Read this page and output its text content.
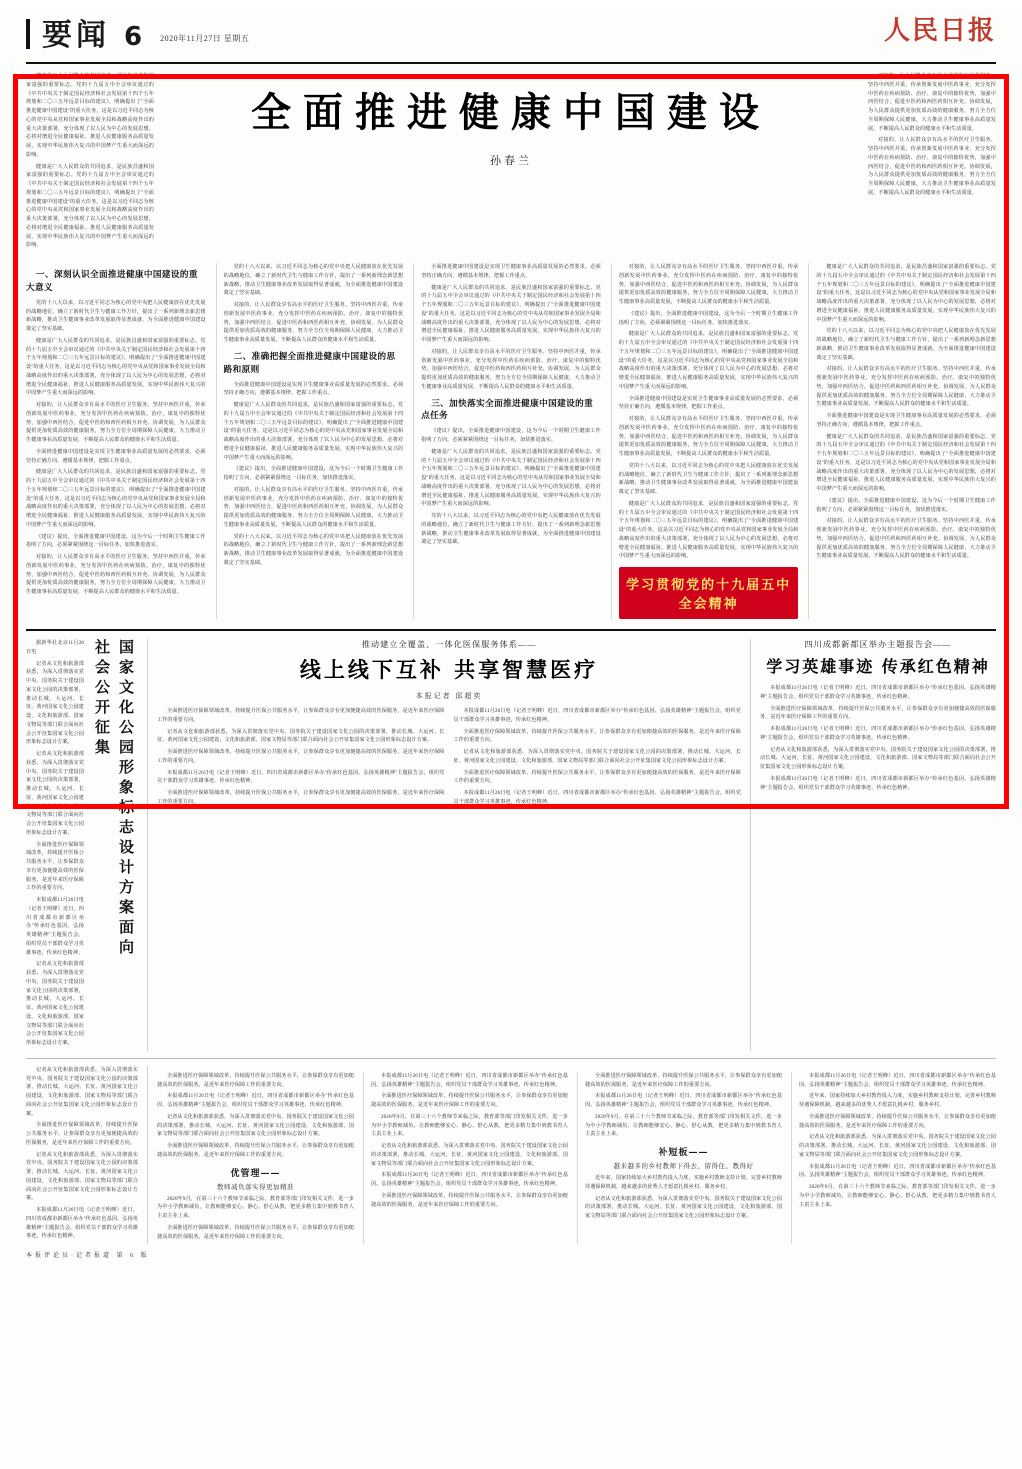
要闻 6 2020年11月27日 星期五	人民日报

健康是广大人民群众的共同追求，是民族昌盛和国家富强的重要标志。党的十九届五中全会审议通过的《中共中央关于制定国民经济和社会发展第十四个五年规划和二〇三五年远景目标的建议》，明确提出了"全面推进健康中国建设"的重大任务，这是以习近平同志为核心的党中央从党和国家事业发展全局和战略高度作出的重大决策部署，充分体现了以人民为中心的发展思想，必将对增进全民健康福祉、推进人民健康服务高质量发展，实现中华民族伟大复兴的中国梦产生重大而深远的影响。

健康是广大人民群众的共同追求，是民族昌盛和国家富强的重要标志。党的十九届五中全会审议通过的《中共中央关于制定国民经济和社会发展第十四个五年规划和二〇三五年远景目标的建议》，明确提出了"全面推进健康中国建设"的重大任务，这是以习近平同志为核心的党中央从党和国家事业发展全局和战略高度作出的重大决策部署，充分体现了以人民为中心的发展思想，必将对增进全民健康福祉、推进人民健康服务高质量发展，实现中华民族伟大复兴的中国梦产生重大而深远的影响。

全面推进健康中国建设
孙春兰

对接的，让人民群众享有高水平的医疗卫生服务。坚持中西医并重，传承创新发展中医药事业，充分发挥中医药在疾病预防、治疗、康复中的独特优势，加强中西医结合，促进中医药和西医药相互补充、协调发展，为人民群众提供更加优质高效的健康服务，努力全方位全周期保障人民健康，大力推动卫生健康事业高质量发展，不断提高人民群众的健康水平和生活质量。

对接的，让人民群众享有高水平的医疗卫生服务。坚持中西医并重，传承创新发展中医药事业，充分发挥中医药在疾病预防、治疗、康复中的独特优势，加强中西医结合，促进中医药和西医药相互补充、协调发展，为人民群众提供更加优质高效的健康服务，努力全方位全周期保障人民健康，大力推动卫生健康事业高质量发展，不断提高人民群众的健康水平和生活质量。

一、深刻认识全面推进健康中国建设的重大意义

党的十八大以来，以习近平同志为核心的党中央把人民健康放在优先发展的战略地位，确立了新时代卫生与健康工作方针，提出了一系列新理念新思想新战略，推动卫生健康事业改革发展取得显著成就，为全面推进健康中国建设奠定了坚实基础。

健康是广大人民群众的共同追求，是民族昌盛和国家富强的重要标志。党的十九届五中全会审议通过的《中共中央关于制定国民经济和社会发展第十四个五年规划和二〇三五年远景目标的建议》，明确提出了"全面推进健康中国建设"的重大任务，这是以习近平同志为核心的党中央从党和国家事业发展全局和战略高度作出的重大决策部署，充分体现了以人民为中心的发展思想，必将对增进全民健康福祉、推进人民健康服务高质量发展，实现中华民族伟大复兴的中国梦产生重大而深远的影响。

对接的，让人民群众享有高水平的医疗卫生服务。坚持中西医并重，传承创新发展中医药事业，充分发挥中医药在疾病预防、治疗、康复中的独特优势，加强中西医结合，促进中医药和西医药相互补充、协调发展，为人民群众提供更加优质高效的健康服务，努力全方位全周期保障人民健康，大力推动卫生健康事业高质量发展，不断提高人民群众的健康水平和生活质量。

全面推进健康中国建设是实现卫生健康事业高质量发展的必然要求，必须坚持正确方向，遵循基本规律，把握工作重点。

健康是广大人民群众的共同追求，是民族昌盛和国家富强的重要标志。党的十九届五中全会审议通过的《中共中央关于制定国民经济和社会发展第十四个五年规划和二〇三五年远景目标的建议》，明确提出了"全面推进健康中国建设"的重大任务，这是以习近平同志为核心的党中央从党和国家事业发展全局和战略高度作出的重大决策部署，充分体现了以人民为中心的发展思想，必将对增进全民健康福祉、推进人民健康服务高质量发展，实现中华民族伟大复兴的中国梦产生重大而深远的影响。

《建议》提出，全面推进健康中国建设，这为今后一个时期卫生健康工作指明了方向，必须紧紧围绕这一目标任务，加快推进落实。

对接的，让人民群众享有高水平的医疗卫生服务。坚持中西医并重，传承创新发展中医药事业，充分发挥中医药在疾病预防、治疗、康复中的独特优势，加强中西医结合，促进中医药和西医药相互补充、协调发展，为人民群众提供更加优质高效的健康服务，努力全方位全周期保障人民健康，大力推动卫生健康事业高质量发展，不断提高人民群众的健康水平和生活质量。

党的十八大以来，以习近平同志为核心的党中央把人民健康放在优先发展的战略地位，确立了新时代卫生与健康工作方针，提出了一系列新理念新思想新战略，推动卫生健康事业改革发展取得显著成就，为全面推进健康中国建设奠定了坚实基础。

对接的，让人民群众享有高水平的医疗卫生服务。坚持中西医并重，传承创新发展中医药事业，充分发挥中医药在疾病预防、治疗、康复中的独特优势，加强中西医结合，促进中医药和西医药相互补充、协调发展，为人民群众提供更加优质高效的健康服务，努力全方位全周期保障人民健康，大力推动卫生健康事业高质量发展，不断提高人民群众的健康水平和生活质量。

二、准确把握全面推进健康中国建设的思路和原则

全面推进健康中国建设是实现卫生健康事业高质量发展的必然要求，必须坚持正确方向，遵循基本规律，把握工作重点。

健康是广大人民群众的共同追求，是民族昌盛和国家富强的重要标志。党的十九届五中全会审议通过的《中共中央关于制定国民经济和社会发展第十四个五年规划和二〇三五年远景目标的建议》，明确提出了"全面推进健康中国建设"的重大任务，这是以习近平同志为核心的党中央从党和国家事业发展全局和战略高度作出的重大决策部署，充分体现了以人民为中心的发展思想，必将对增进全民健康福祉、推进人民健康服务高质量发展，实现中华民族伟大复兴的中国梦产生重大而深远的影响。

《建议》提出，全面推进健康中国建设，这为今后一个时期卫生健康工作指明了方向，必须紧紧围绕这一目标任务，加快推进落实。

对接的，让人民群众享有高水平的医疗卫生服务。坚持中西医并重，传承创新发展中医药事业，充分发挥中医药在疾病预防、治疗、康复中的独特优势，加强中西医结合，促进中医药和西医药相互补充、协调发展，为人民群众提供更加优质高效的健康服务，努力全方位全周期保障人民健康，大力推动卫生健康事业高质量发展，不断提高人民群众的健康水平和生活质量。

党的十八大以来，以习近平同志为核心的党中央把人民健康放在优先发展的战略地位，确立了新时代卫生与健康工作方针，提出了一系列新理念新思想新战略，推动卫生健康事业改革发展取得显著成就，为全面推进健康中国建设奠定了坚实基础。

全面推进健康中国建设是实现卫生健康事业高质量发展的必然要求，必须坚持正确方向，遵循基本规律，把握工作重点。

健康是广大人民群众的共同追求，是民族昌盛和国家富强的重要标志。党的十九届五中全会审议通过的《中共中央关于制定国民经济和社会发展第十四个五年规划和二〇三五年远景目标的建议》，明确提出了"全面推进健康中国建设"的重大任务，这是以习近平同志为核心的党中央从党和国家事业发展全局和战略高度作出的重大决策部署，充分体现了以人民为中心的发展思想，必将对增进全民健康福祉、推进人民健康服务高质量发展，实现中华民族伟大复兴的中国梦产生重大而深远的影响。

对接的，让人民群众享有高水平的医疗卫生服务。坚持中西医并重，传承创新发展中医药事业，充分发挥中医药在疾病预防、治疗、康复中的独特优势，加强中西医结合，促进中医药和西医药相互补充、协调发展，为人民群众提供更加优质高效的健康服务，努力全方位全周期保障人民健康，大力推动卫生健康事业高质量发展，不断提高人民群众的健康水平和生活质量。

三、加快落实全面推进健康中国建设的重点任务

《建议》提出，全面推进健康中国建设，这为今后一个时期卫生健康工作指明了方向，必须紧紧围绕这一目标任务，加快推进落实。

健康是广大人民群众的共同追求，是民族昌盛和国家富强的重要标志。党的十九届五中全会审议通过的《中共中央关于制定国民经济和社会发展第十四个五年规划和二〇三五年远景目标的建议》，明确提出了"全面推进健康中国建设"的重大任务，这是以习近平同志为核心的党中央从党和国家事业发展全局和战略高度作出的重大决策部署，充分体现了以人民为中心的发展思想，必将对增进全民健康福祉、推进人民健康服务高质量发展，实现中华民族伟大复兴的中国梦产生重大而深远的影响。

党的十八大以来，以习近平同志为核心的党中央把人民健康放在优先发展的战略地位，确立了新时代卫生与健康工作方针，提出了一系列新理念新思想新战略，推动卫生健康事业改革发展取得显著成就，为全面推进健康中国建设奠定了坚实基础。

对接的，让人民群众享有高水平的医疗卫生服务。坚持中西医并重，传承创新发展中医药事业，充分发挥中医药在疾病预防、治疗、康复中的独特优势，加强中西医结合，促进中医药和西医药相互补充、协调发展，为人民群众提供更加优质高效的健康服务，努力全方位全周期保障人民健康，大力推动卫生健康事业高质量发展，不断提高人民群众的健康水平和生活质量。

《建议》提出，全面推进健康中国建设，这为今后一个时期卫生健康工作指明了方向，必须紧紧围绕这一目标任务，加快推进落实。

健康是广大人民群众的共同追求，是民族昌盛和国家富强的重要标志。党的十九届五中全会审议通过的《中共中央关于制定国民经济和社会发展第十四个五年规划和二〇三五年远景目标的建议》，明确提出了"全面推进健康中国建设"的重大任务，这是以习近平同志为核心的党中央从党和国家事业发展全局和战略高度作出的重大决策部署，充分体现了以人民为中心的发展思想，必将对增进全民健康福祉、推进人民健康服务高质量发展，实现中华民族伟大复兴的中国梦产生重大而深远的影响。

全面推进健康中国建设是实现卫生健康事业高质量发展的必然要求，必须坚持正确方向，遵循基本规律，把握工作重点。

对接的，让人民群众享有高水平的医疗卫生服务。坚持中西医并重，传承创新发展中医药事业，充分发挥中医药在疾病预防、治疗、康复中的独特优势，加强中西医结合，促进中医药和西医药相互补充、协调发展，为人民群众提供更加优质高效的健康服务，努力全方位全周期保障人民健康，大力推动卫生健康事业高质量发展，不断提高人民群众的健康水平和生活质量。

党的十八大以来，以习近平同志为核心的党中央把人民健康放在优先发展的战略地位，确立了新时代卫生与健康工作方针，提出了一系列新理念新思想新战略，推动卫生健康事业改革发展取得显著成就，为全面推进健康中国建设奠定了坚实基础。

健康是广大人民群众的共同追求，是民族昌盛和国家富强的重要标志。党的十九届五中全会审议通过的《中共中央关于制定国民经济和社会发展第十四个五年规划和二〇三五年远景目标的建议》，明确提出了"全面推进健康中国建设"的重大任务，这是以习近平同志为核心的党中央从党和国家事业发展全局和战略高度作出的重大决策部署，充分体现了以人民为中心的发展思想，必将对增进全民健康福祉、推进人民健康服务高质量发展，实现中华民族伟大复兴的中国梦产生重大而深远的影响。

学习贯彻党的十九届五中全会精神

健康是广大人民群众的共同追求，是民族昌盛和国家富强的重要标志。党的十九届五中全会审议通过的《中共中央关于制定国民经济和社会发展第十四个五年规划和二〇三五年远景目标的建议》，明确提出了"全面推进健康中国建设"的重大任务，这是以习近平同志为核心的党中央从党和国家事业发展全局和战略高度作出的重大决策部署，充分体现了以人民为中心的发展思想，必将对增进全民健康福祉、推进人民健康服务高质量发展，实现中华民族伟大复兴的中国梦产生重大而深远的影响。

党的十八大以来，以习近平同志为核心的党中央把人民健康放在优先发展的战略地位，确立了新时代卫生与健康工作方针，提出了一系列新理念新思想新战略，推动卫生健康事业改革发展取得显著成就，为全面推进健康中国建设奠定了坚实基础。

对接的，让人民群众享有高水平的医疗卫生服务。坚持中西医并重，传承创新发展中医药事业，充分发挥中医药在疾病预防、治疗、康复中的独特优势，加强中西医结合，促进中医药和西医药相互补充、协调发展，为人民群众提供更加优质高效的健康服务，努力全方位全周期保障人民健康，大力推动卫生健康事业高质量发展，不断提高人民群众的健康水平和生活质量。

全面推进健康中国建设是实现卫生健康事业高质量发展的必然要求，必须坚持正确方向，遵循基本规律，把握工作重点。

健康是广大人民群众的共同追求，是民族昌盛和国家富强的重要标志。党的十九届五中全会审议通过的《中共中央关于制定国民经济和社会发展第十四个五年规划和二〇三五年远景目标的建议》，明确提出了"全面推进健康中国建设"的重大任务，这是以习近平同志为核心的党中央从党和国家事业发展全局和战略高度作出的重大决策部署，充分体现了以人民为中心的发展思想，必将对增进全民健康福祉、推进人民健康服务高质量发展，实现中华民族伟大复兴的中国梦产生重大而深远的影响。

《建议》提出，全面推进健康中国建设，这为今后一个时期卫生健康工作指明了方向，必须紧紧围绕这一目标任务，加快推进落实。

对接的，让人民群众享有高水平的医疗卫生服务。坚持中西医并重，传承创新发展中医药事业，充分发挥中医药在疾病预防、治疗、康复中的独特优势，加强中西医结合，促进中医药和西医药相互补充、协调发展，为人民群众提供更加优质高效的健康服务，努力全方位全周期保障人民健康，大力推动卫生健康事业高质量发展，不断提高人民群众的健康水平和生活质量。

据新华社北京11月26日电

记者从文化和旅游部获悉，为深入贯彻落实党中央、国务院关于建设国家文化公园的决策部署，推动长城、大运河、长征、黄河国家文化公园建设，文化和旅游部、国家文物局等部门联合面向社会公开征集国家文化公园形象标志设计方案。

记者从文化和旅游部获悉，为深入贯彻落实党中央、国务院关于建设国家文化公园的决策部署，推动长城、大运河、长征、黄河国家文化公园建设，文化和旅游部、国家文物局等部门联合面向社会公开征集国家文化公园形象标志设计方案。

全面推进医疗保障领域改革，持续提升医保公共服务水平，让参保群众享有更加便捷高效的医保服务，是近年来医疗保障工作的重要方向。

本报成都11月26日电（记者王明峰）近日，四川省成都市新都区举办"传承红色基因、弘扬英雄精神"主题报告会，组织党员干部群众学习英雄事迹，传承红色精神。

记者从文化和旅游部获悉，为深入贯彻落实党中央、国务院关于建设国家文化公园的决策部署，推动长城、大运河、长征、黄河国家文化公园建设，文化和旅游部、国家文物局等部门联合面向社会公开征集国家文化公园形象标志设计方案。

国家文化公园形象标志设计方案面向社会公开征集	推动建立全覆盖、一体化医保服务体系——
线上线下互补 共享智慧医疗
本报记者 邱超奕

全面推进医疗保障领域改革，持续提升医保公共服务水平，让参保群众享有更加便捷高效的医保服务，是近年来医疗保障工作的重要方向。

记者从文化和旅游部获悉，为深入贯彻落实党中央、国务院关于建设国家文化公园的决策部署，推动长城、大运河、长征、黄河国家文化公园建设，文化和旅游部、国家文物局等部门联合面向社会公开征集国家文化公园形象标志设计方案。

全面推进医疗保障领域改革，持续提升医保公共服务水平，让参保群众享有更加便捷高效的医保服务，是近年来医疗保障工作的重要方向。

本报成都11月26日电（记者王明峰）近日，四川省成都市新都区举办"传承红色基因、弘扬英雄精神"主题报告会，组织党员干部群众学习英雄事迹，传承红色精神。

全面推进医疗保障领域改革，持续提升医保公共服务水平，让参保群众享有更加便捷高效的医保服务，是近年来医疗保障工作的重要方向。

本报成都11月26日电（记者王明峰）近日，四川省成都市新都区举办"传承红色基因、弘扬英雄精神"主题报告会，组织党员干部群众学习英雄事迹，传承红色精神。

全面推进医疗保障领域改革，持续提升医保公共服务水平，让参保群众享有更加便捷高效的医保服务，是近年来医疗保障工作的重要方向。

记者从文化和旅游部获悉，为深入贯彻落实党中央、国务院关于建设国家文化公园的决策部署，推动长城、大运河、长征、黄河国家文化公园建设，文化和旅游部、国家文物局等部门联合面向社会公开征集国家文化公园形象标志设计方案。

全面推进医疗保障领域改革，持续提升医保公共服务水平，让参保群众享有更加便捷高效的医保服务，是近年来医疗保障工作的重要方向。

本报成都11月26日电（记者王明峰）近日，四川省成都市新都区举办"传承红色基因、弘扬英雄精神"主题报告会，组织党员干部群众学习英雄事迹，传承红色精神。

四川成都新都区举办主题报告会——
学习英雄事迹 传承红色精神

本报成都11月26日电（记者王明峰）近日，四川省成都市新都区举办"传承红色基因、弘扬英雄精神"主题报告会，组织党员干部群众学习英雄事迹，传承红色精神。

全面推进医疗保障领域改革，持续提升医保公共服务水平，让参保群众享有更加便捷高效的医保服务，是近年来医疗保障工作的重要方向。

本报成都11月26日电（记者王明峰）近日，四川省成都市新都区举办"传承红色基因、弘扬英雄精神"主题报告会，组织党员干部群众学习英雄事迹，传承红色精神。

记者从文化和旅游部获悉，为深入贯彻落实党中央、国务院关于建设国家文化公园的决策部署，推动长城、大运河、长征、黄河国家文化公园建设，文化和旅游部、国家文物局等部门联合面向社会公开征集国家文化公园形象标志设计方案。

本报成都11月26日电（记者王明峰）近日，四川省成都市新都区举办"传承红色基因、弘扬英雄精神"主题报告会，组织党员干部群众学习英雄事迹，传承红色精神。

记者从文化和旅游部获悉，为深入贯彻落实党中央、国务院关于建设国家文化公园的决策部署，推动长城、大运河、长征、黄河国家文化公园建设，文化和旅游部、国家文物局等部门联合面向社会公开征集国家文化公园形象标志设计方案。

全面推进医疗保障领域改革，持续提升医保公共服务水平，让参保群众享有更加便捷高效的医保服务，是近年来医疗保障工作的重要方向。

记者从文化和旅游部获悉，为深入贯彻落实党中央、国务院关于建设国家文化公园的决策部署，推动长城、大运河、长征、黄河国家文化公园建设，文化和旅游部、国家文物局等部门联合面向社会公开征集国家文化公园形象标志设计方案。

本报成都11月26日电（记者王明峰）近日，四川省成都市新都区举办"传承红色基因、弘扬英雄精神"主题报告会，组织党员干部群众学习英雄事迹，传承红色精神。

全面推进医疗保障领域改革，持续提升医保公共服务水平，让参保群众享有更加便捷高效的医保服务，是近年来医疗保障工作的重要方向。

本报成都11月26日电（记者王明峰）近日，四川省成都市新都区举办"传承红色基因、弘扬英雄精神"主题报告会，组织党员干部群众学习英雄事迹，传承红色精神。

记者从文化和旅游部获悉，为深入贯彻落实党中央、国务院关于建设国家文化公园的决策部署，推动长城、大运河、长征、黄河国家文化公园建设，文化和旅游部、国家文物局等部门联合面向社会公开征集国家文化公园形象标志设计方案。

全面推进医疗保障领域改革，持续提升医保公共服务水平，让参保群众享有更加便捷高效的医保服务，是近年来医疗保障工作的重要方向。

优管理——
教师减负落实得更加精准

2020年9月，在第三十六个教师节来临之际，教育部等部门印发相关文件，进一步为中小学教师减负，让教师能够安心、静心、舒心从教，把更多精力集中到教书育人主责主业上来。

全面推进医疗保障领域改革，持续提升医保公共服务水平，让参保群众享有更加便捷高效的医保服务，是近年来医疗保障工作的重要方向。

本报成都11月26日电（记者王明峰）近日，四川省成都市新都区举办"传承红色基因、弘扬英雄精神"主题报告会，组织党员干部群众学习英雄事迹，传承红色精神。

全面推进医疗保障领域改革，持续提升医保公共服务水平，让参保群众享有更加便捷高效的医保服务，是近年来医疗保障工作的重要方向。

2020年9月，在第三十六个教师节来临之际，教育部等部门印发相关文件，进一步为中小学教师减负，让教师能够安心、静心、舒心从教，把更多精力集中到教书育人主责主业上来。

记者从文化和旅游部获悉，为深入贯彻落实党中央、国务院关于建设国家文化公园的决策部署，推动长城、大运河、长征、黄河国家文化公园建设，文化和旅游部、国家文物局等部门联合面向社会公开征集国家文化公园形象标志设计方案。

本报成都11月26日电（记者王明峰）近日，四川省成都市新都区举办"传承红色基因、弘扬英雄精神"主题报告会，组织党员干部群众学习英雄事迹，传承红色精神。

全面推进医疗保障领域改革，持续提升医保公共服务水平，让参保群众享有更加便捷高效的医保服务，是近年来医疗保障工作的重要方向。

全面推进医疗保障领域改革，持续提升医保公共服务水平，让参保群众享有更加便捷高效的医保服务，是近年来医疗保障工作的重要方向。

本报成都11月26日电（记者王明峰）近日，四川省成都市新都区举办"传承红色基因、弘扬英雄精神"主题报告会，组织党员干部群众学习英雄事迹，传承红色精神。

2020年9月，在第三十六个教师节来临之际，教育部等部门印发相关文件，进一步为中小学教师减负，让教师能够安心、静心、舒心从教，把更多精力集中到教书育人主责主业上来。

补短板——
越来越多的乡村教师下得去、留得住、教得好

近年来，国家持续加大乡村教育投入力度，实施乡村教师支持计划，完善乡村教师待遇保障机制，越来越多的优秀人才愿意扎根乡村、服务乡村。

记者从文化和旅游部获悉，为深入贯彻落实党中央、国务院关于建设国家文化公园的决策部署，推动长城、大运河、长征、黄河国家文化公园建设，文化和旅游部、国家文物局等部门联合面向社会公开征集国家文化公园形象标志设计方案。

本报成都11月26日电（记者王明峰）近日，四川省成都市新都区举办"传承红色基因、弘扬英雄精神"主题报告会，组织党员干部群众学习英雄事迹，传承红色精神。

近年来，国家持续加大乡村教育投入力度，实施乡村教师支持计划，完善乡村教师待遇保障机制，越来越多的优秀人才愿意扎根乡村、服务乡村。

全面推进医疗保障领域改革，持续提升医保公共服务水平，让参保群众享有更加便捷高效的医保服务，是近年来医疗保障工作的重要方向。

记者从文化和旅游部获悉，为深入贯彻落实党中央、国务院关于建设国家文化公园的决策部署，推动长城、大运河、长征、黄河国家文化公园建设，文化和旅游部、国家文物局等部门联合面向社会公开征集国家文化公园形象标志设计方案。

本报成都11月26日电（记者王明峰）近日，四川省成都市新都区举办"传承红色基因、弘扬英雄精神"主题报告会，组织党员干部群众学习英雄事迹，传承红色精神。

2020年9月，在第三十六个教师节来临之际，教育部等部门印发相关文件，进一步为中小学教师减负，让教师能够安心、静心、舒心从教，把更多精力集中到教书育人主责主业上来。

本报评论员·记者报道 第 6 版
